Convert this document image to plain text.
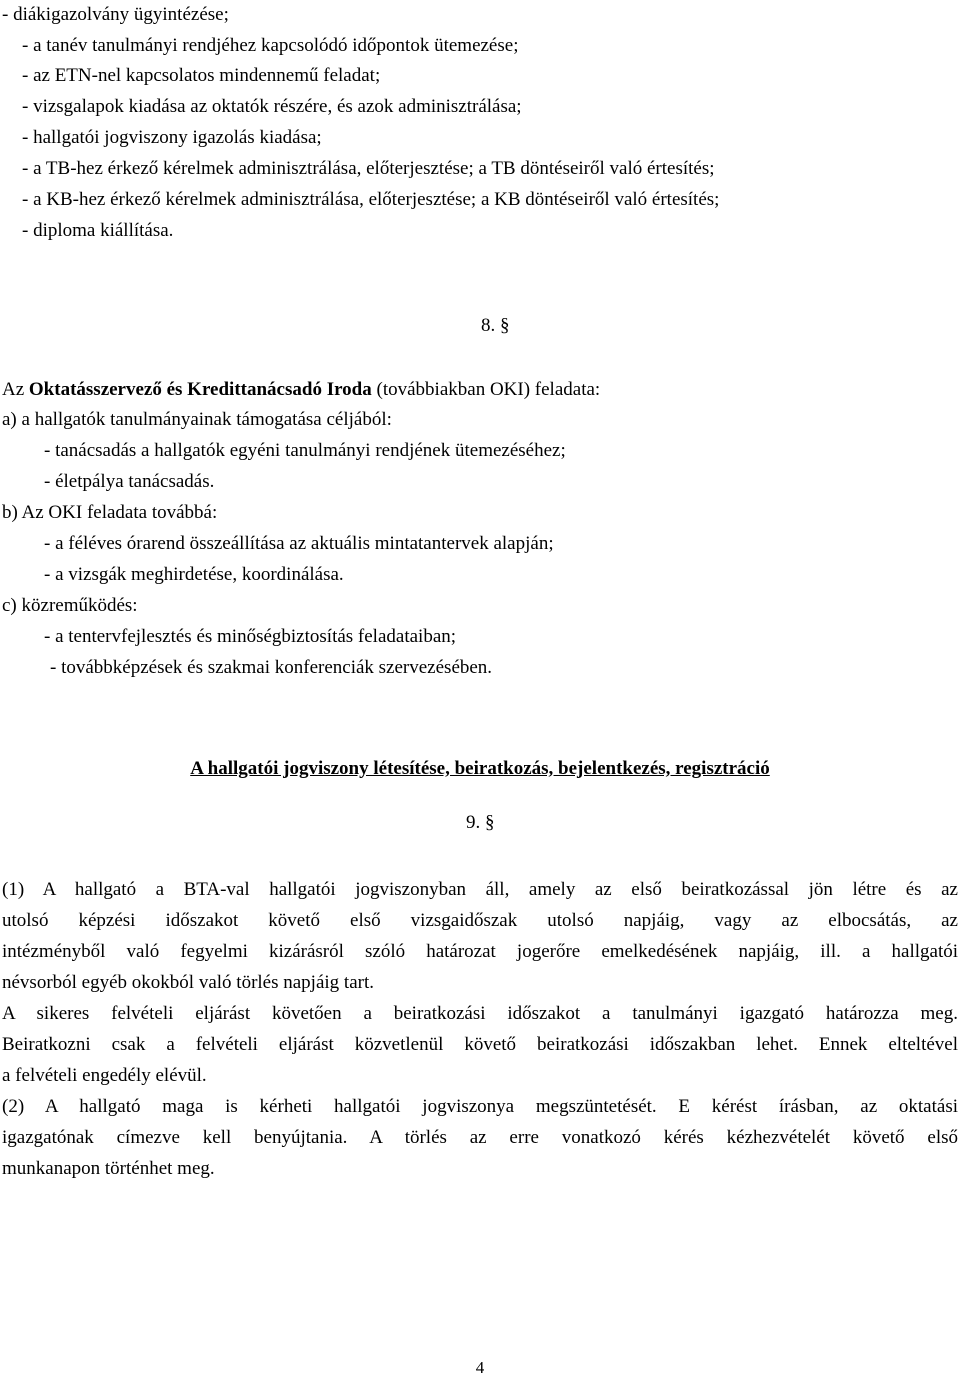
- diákigazolvány ügyintézése;
- a tanév tanulmányi rendjéhez kapcsolódó időpontok ütemezése;
- az ETN-nel kapcsolatos mindennemű feladat;
- vizsgalapok kiadása az oktatók részére, és azok adminisztrálása;
- hallgatói jogviszony igazolás kiadása;
- a TB-hez érkező kérelmek adminisztrálása, előterjesztése; a TB döntéseiről való értesítés;
- a KB-hez érkező kérelmek adminisztrálása, előterjesztése; a KB döntéseiről való értesítés;
- diploma kiállítása.
8. §
Az Oktatásszervező és Kredittanácsadó Iroda (továbbiakban OKI) feladata:
a) a hallgatók tanulmányainak támogatása céljából:
- tanácsadás a hallgatók egyéni tanulmányi rendjének ütemezéséhez;
- életpálya tanácsadás.
b) Az OKI feladata továbbá:
- a féléves órarend összeállítása az aktuális mintatantervek alapján;
- a vizsgák meghirdetése, koordinálása.
c) közreműködés:
- a tentervfejlesztés és minőségbiztosítás feladataiban;
- továbbképzések és szakmai konferenciák szervezésében.
A hallgatói jogviszony létesítése, beiratkozás, bejelentkezés, regisztráció
9. §
(1) A hallgató a BTA-val hallgatói jogviszonyban áll, amely az első beiratkozással jön létre és az
utolsó képzési időszakot követő első vizsgaidőszak utolsó napjáig, vagy az elbocsátás, az
intézményből való fegyelmi kizárásról szóló határozat jogerőre emelkedésének napjáig, ill. a hallgatói
névsorból egyéb okokból való törlés napjáig tart.
A sikeres felvételi eljárást követően a beiratkozási időszakot a tanulmányi igazgató határozza meg.
Beiratkozni csak a felvételi eljárást közvetlenül követő beiratkozási időszakban lehet. Ennek elteltével
a felvételi engedély elévül.
(2) A hallgató maga is kérheti hallgatói jogviszonya megszüntetését. E kérést írásban, az oktatási
igazgatónak címezve kell benyújtania. A törlés az erre vonatkozó kérés kézhezvételét követő első
munkanapon történhet meg.
4
